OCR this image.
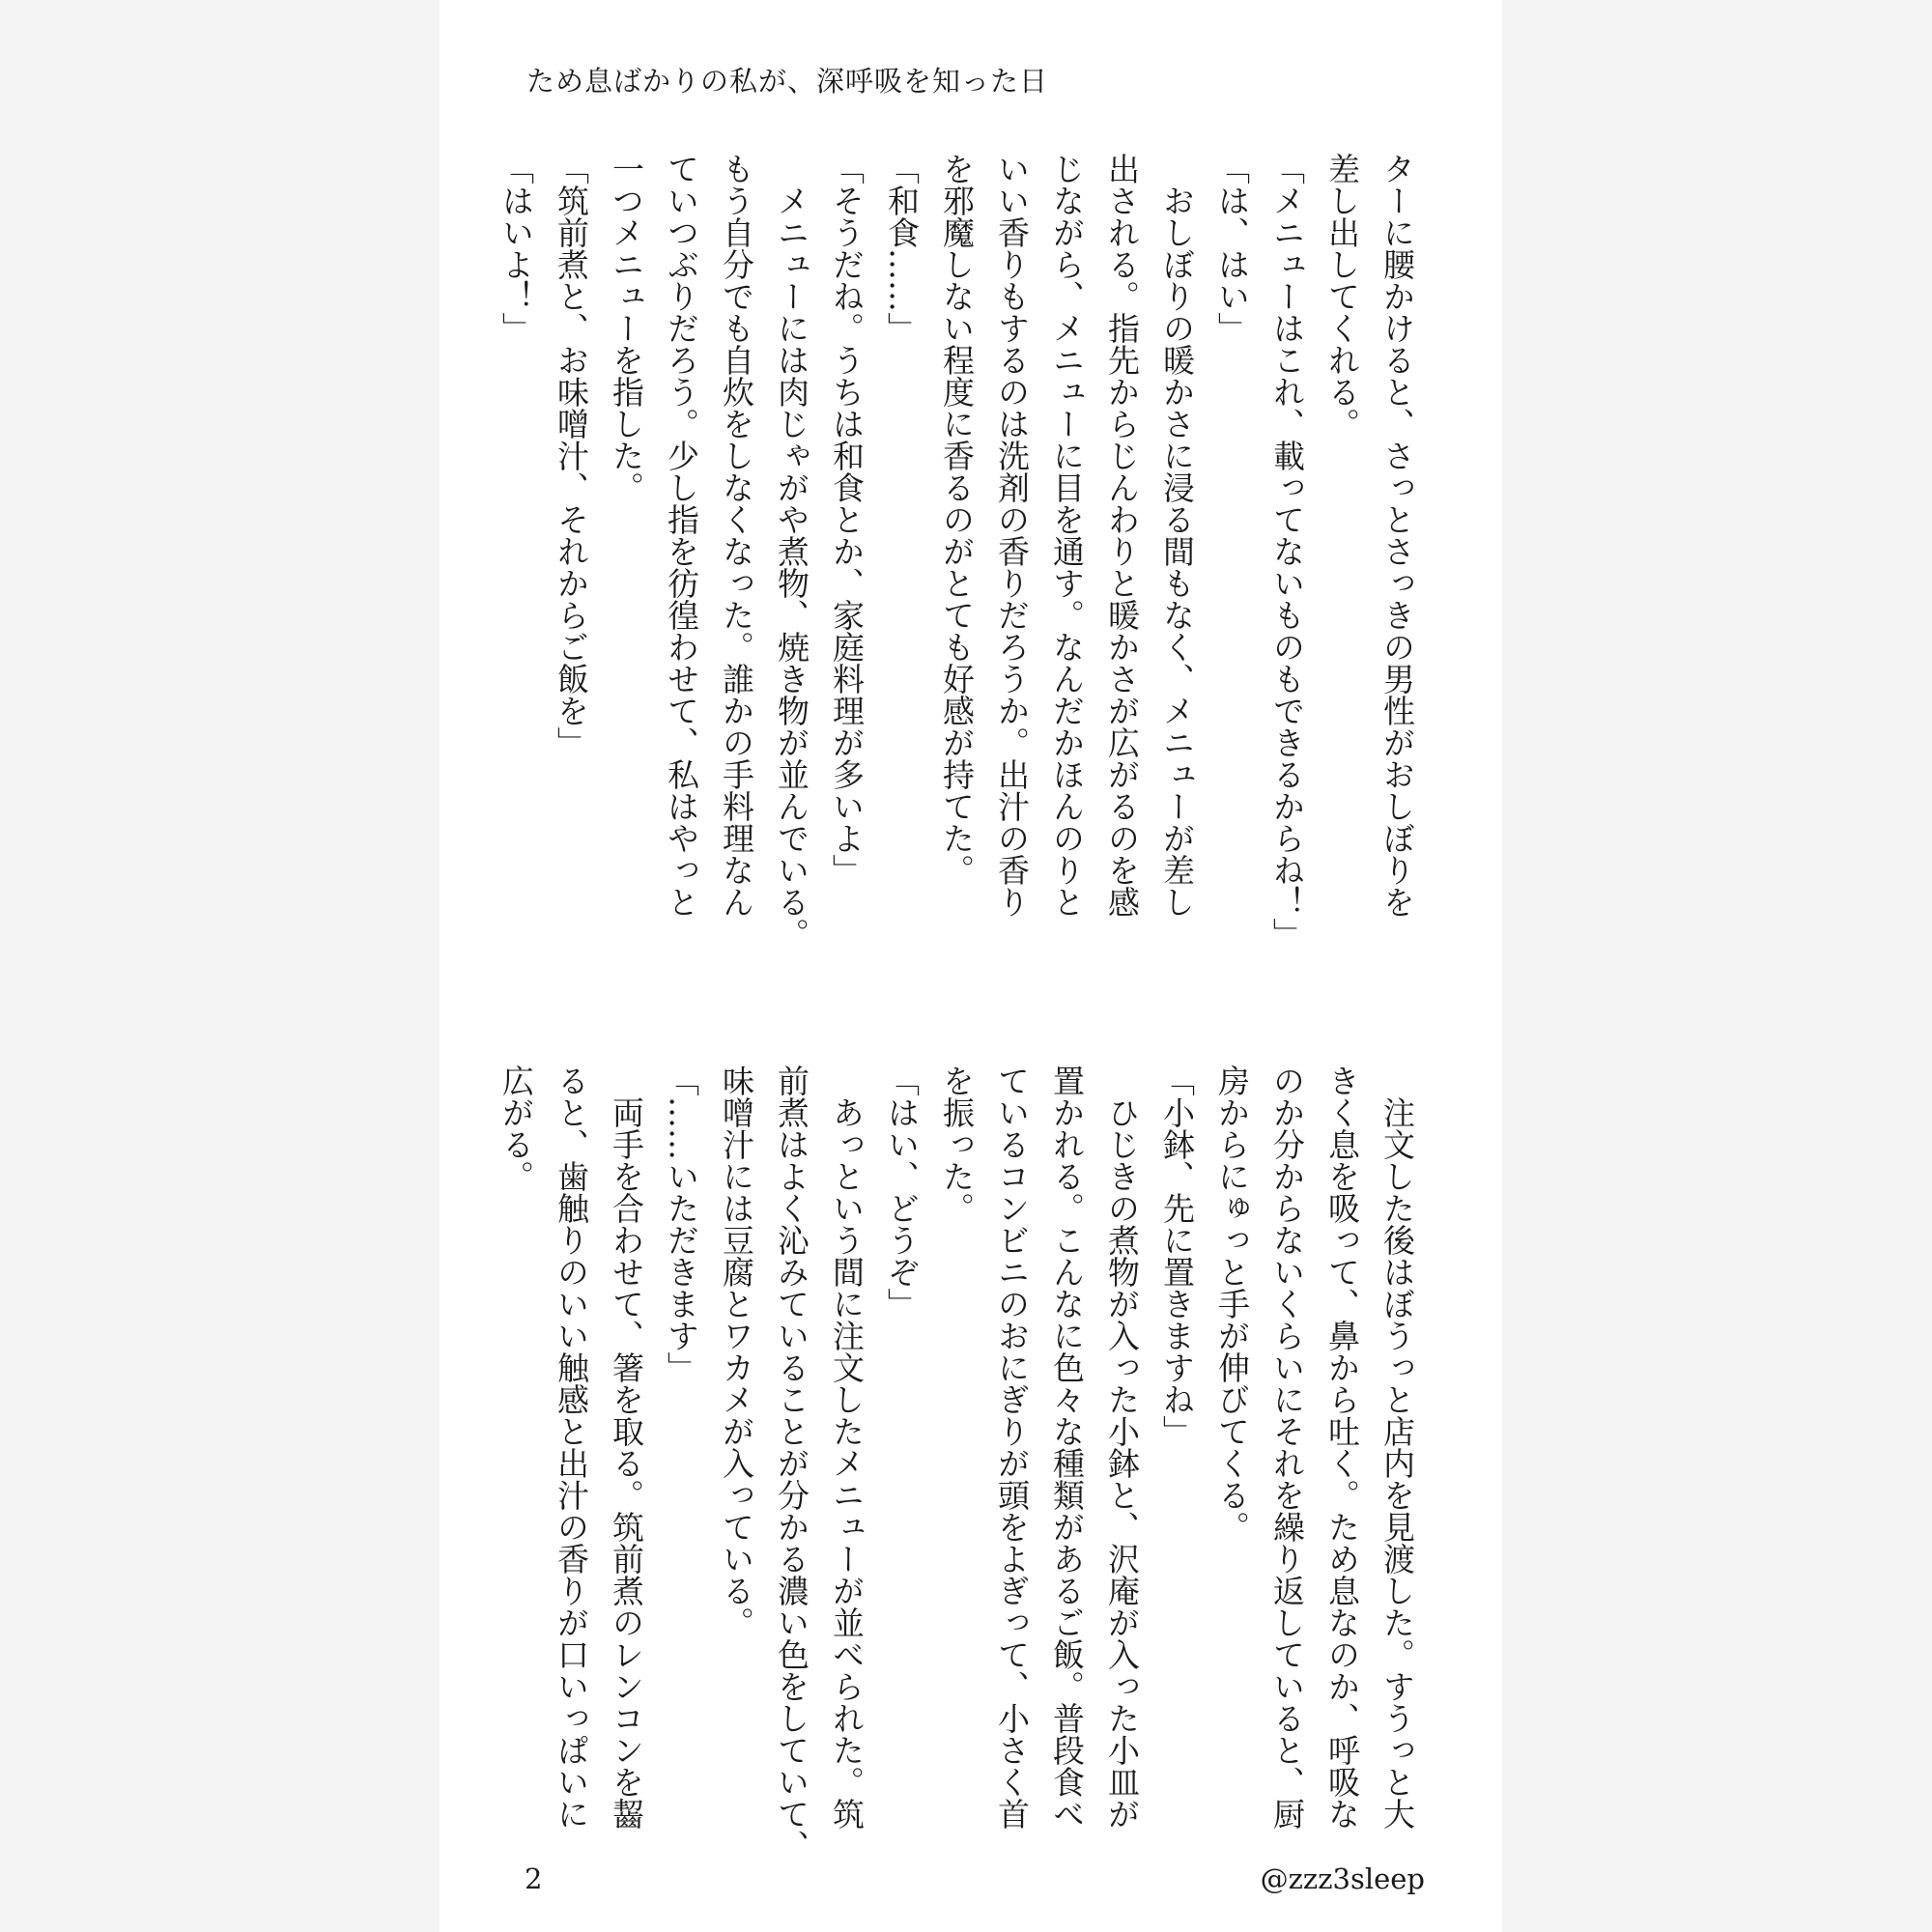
ため息ばかりの私が、深呼吸を知った日

ターに腰かけると、さっとさっきの男性がおしぼりを

差し出してくれる。

「メニューはこれ、載ってないものもできるからね！」

「は、はい」

　おしぼりの暖かさに浸る間もなく、メニューが差し

出される。指先からじんわりと暖かさが広がるのを感

じながら、メニューに目を通す。なんだかほんのりと

いい香りもするのは洗剤の香りだろうか。出汁の香り

を邪魔しない程度に香るのがとても好感が持てた。

「和食……」

「そうだね。うちは和食とか、家庭料理が多いよ」

　メニューには肉じゃがや煮物、焼き物が並んでいる。

もう自分でも自炊をしなくなった。誰かの手料理なん

ていつぶりだろう。少し指を彷徨わせて、私はやっと

一つメニューを指した。

「筑前煮と、お味噌汁、それからご飯を」

「はいよ！」

　注文した後はぼうっと店内を見渡した。すうっと大

きく息を吸って、鼻から吐く。ため息なのか、呼吸な

のか分からないくらいにそれを繰り返していると、厨

房からにゅっと手が伸びてくる。

「小鉢、先に置きますね」

　ひじきの煮物が入った小鉢と、沢庵が入った小皿が

置かれる。こんなに色々な種類があるご飯。普段食べ

ているコンビニのおにぎりが頭をよぎって、小さく首

を振った。

「はい、どうぞ」

　あっという間に注文したメニューが並べられた。筑

前煮はよく沁みていることが分かる濃い色をしていて、

味噌汁には豆腐とワカメが入っている。

「……いただきます」

　両手を合わせて、箸を取る。筑前煮のレンコンを齧

ると、歯触りのいい触感と出汁の香りが口いっぱいに

広がる。

2	@zzz3sleep
